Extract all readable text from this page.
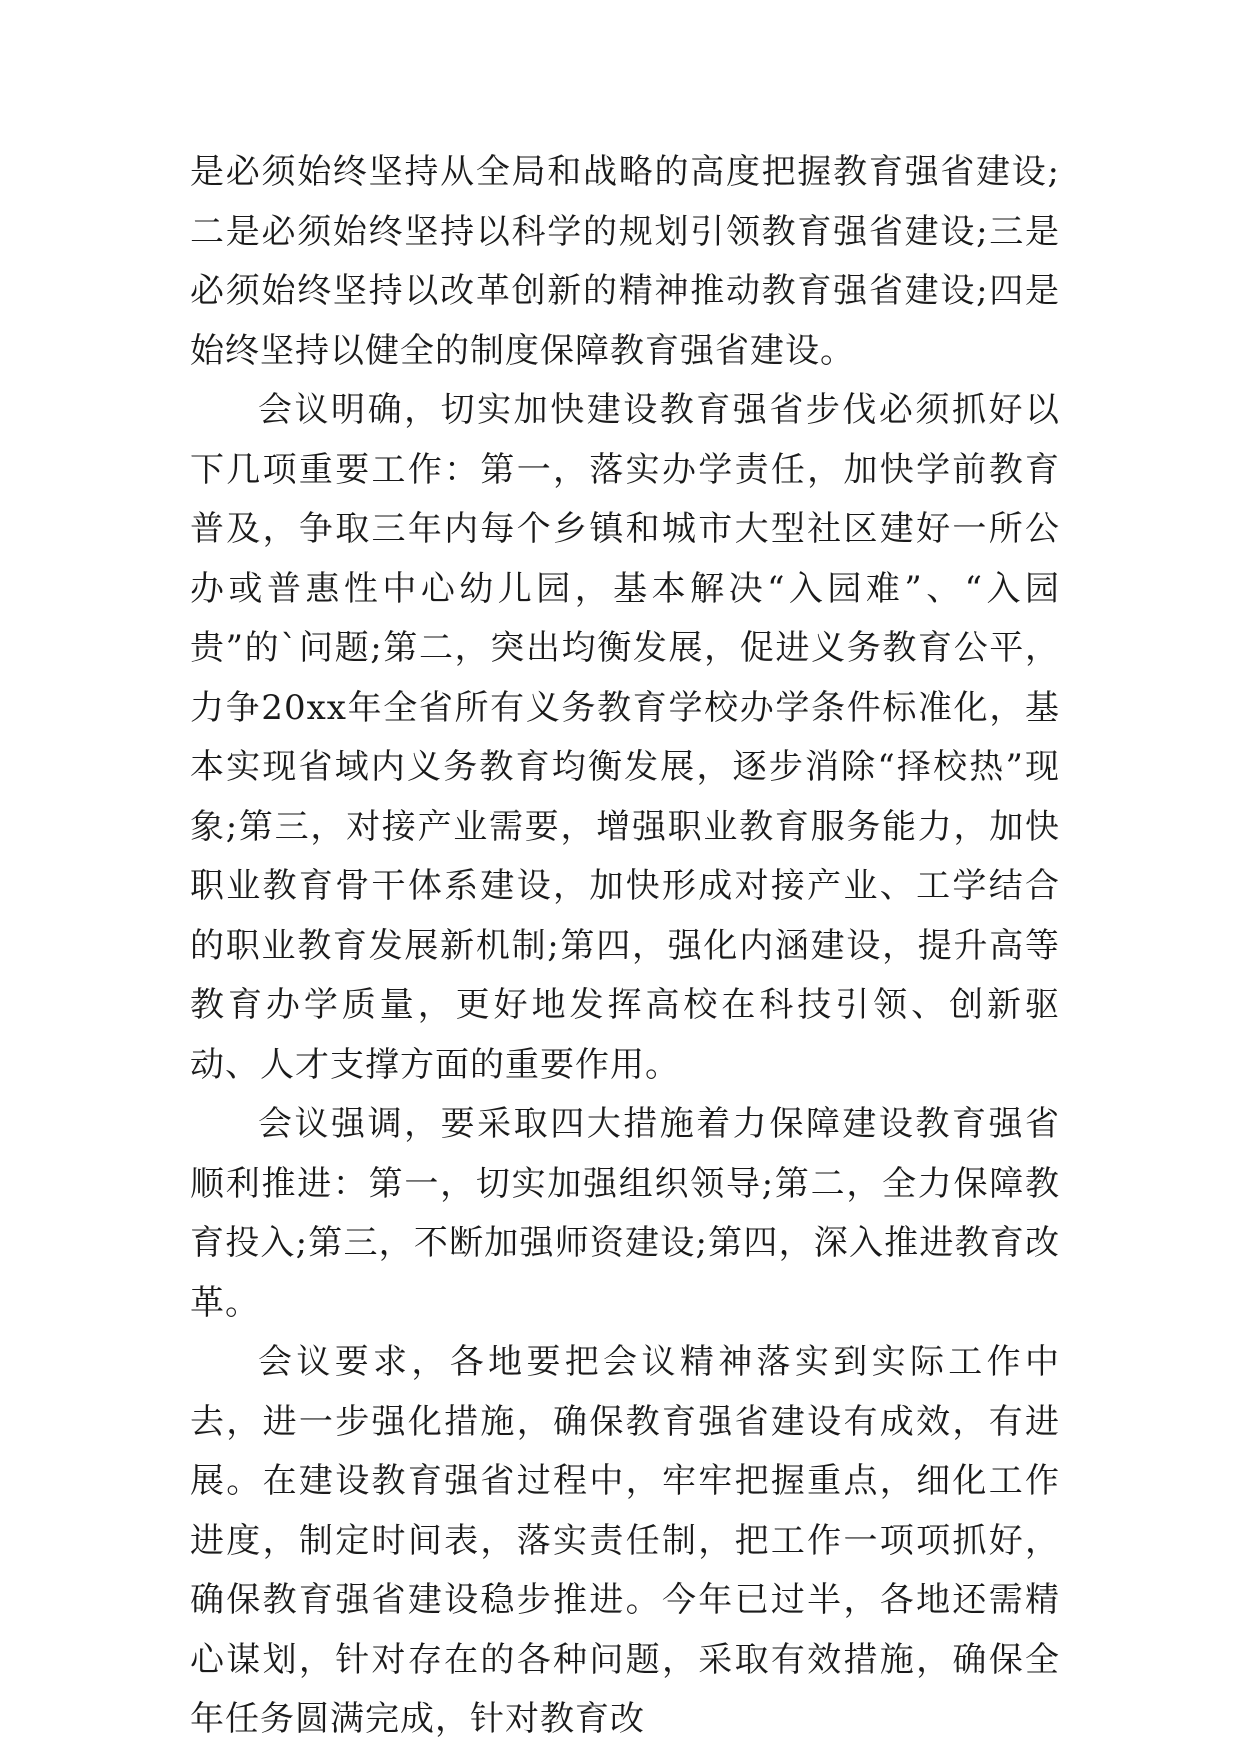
是必须始终坚持从全局和战略的高度把握教育强省建设;二是必须始终坚持以科学的规划引领教育强省建设;三是必须始终坚持以改革创新的精神推动教育强省建设;四是始终坚持以健全的制度保障教育强省建设。

会议明确，切实加快建设教育强省步伐必须抓好以下几项重要工作：第一，落实办学责任，加快学前教育普及，争取三年内每个乡镇和城市大型社区建好一所公办或普惠性中心幼儿园，基本解决“入园难”、“入园贵”的`问题;第二，突出均衡发展，促进义务教育公平，力争20xx年全省所有义务教育学校办学条件标准化，基本实现省域内义务教育均衡发展，逐步消除“择校热”现象;第三，对接产业需要，增强职业教育服务能力，加快职业教育骨干体系建设，加快形成对接产业、工学结合的职业教育发展新机制;第四，强化内涵建设，提升高等教育办学质量，更好地发挥高校在科技引领、创新驱动、人才支撑方面的重要作用。

会议强调，要采取四大措施着力保障建设教育强省顺利推进：第一，切实加强组织领导;第二，全力保障教育投入;第三，不断加强师资建设;第四，深入推进教育改革。

会议要求，各地要把会议精神落实到实际工作中去，进一步强化措施，确保教育强省建设有成效，有进展。在建设教育强省过程中，牢牢把握重点，细化工作进度，制定时间表，落实责任制，把工作一项项抓好，确保教育强省建设稳步推进。今年已过半，各地还需精心谋划，针对存在的各种问题，采取有效措施，确保全年任务圆满完成，针对教育改
